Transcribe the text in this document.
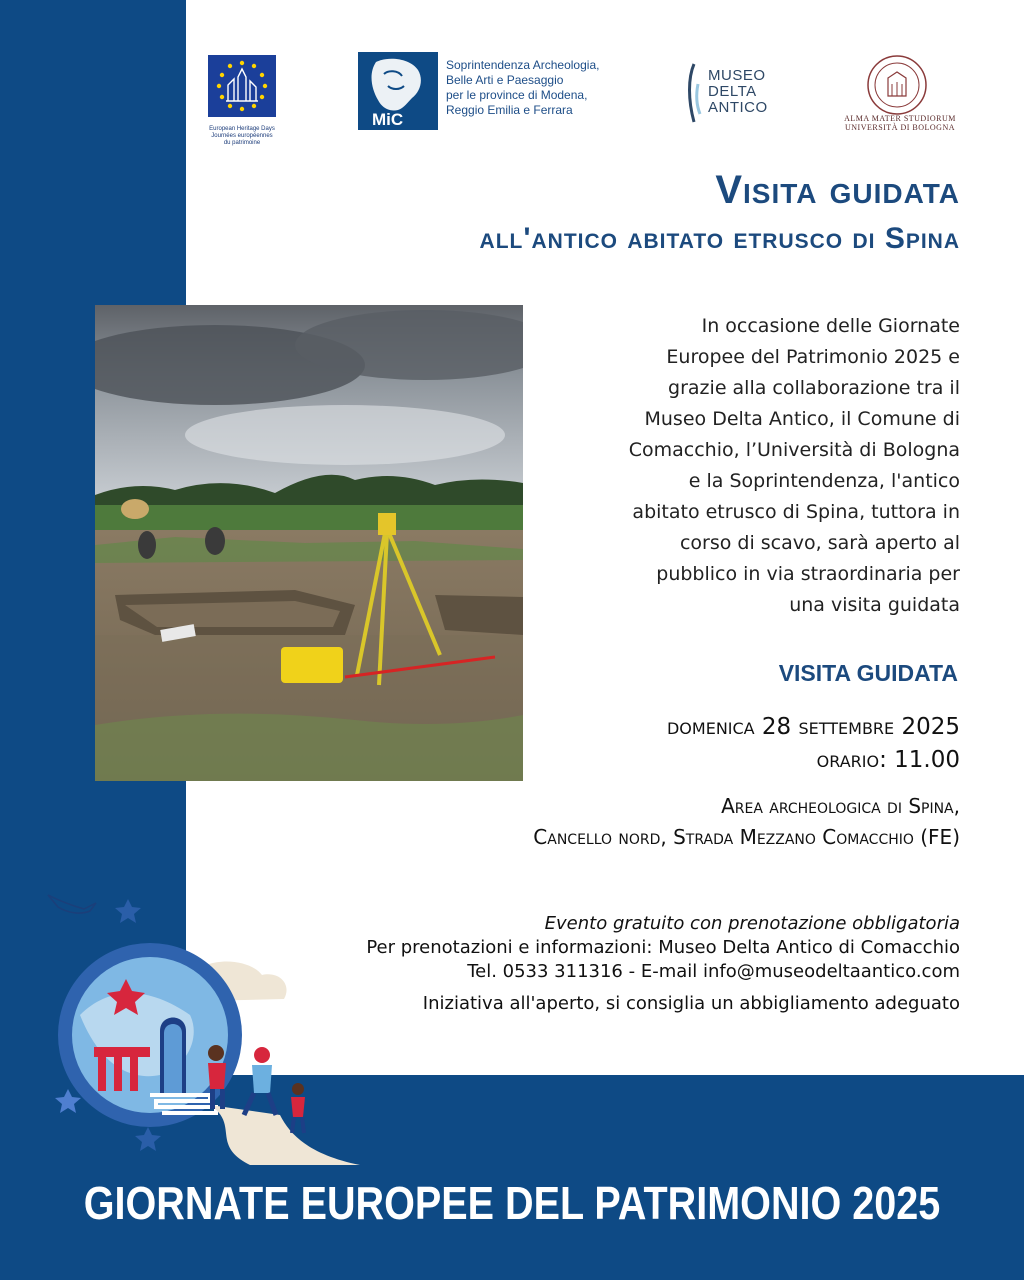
European Heritage Days
Journées européennes
du patrimoine
MiC
Soprintendenza Archeologia,
Belle Arti e Paesaggio
per le province di Modena,
Reggio Emilia e Ferrara
MUSEO
DELTA
ANTICO
ALMA MATER STUDIORUM
UNIVERSITÀ DI BOLOGNA
Visita guidata
all'antico abitato etrusco di Spina
In occasione delle Giornate
Europee del Patrimonio 2025 e
grazie alla collaborazione tra il
Museo Delta Antico, il Comune di
Comacchio, l’Università di Bologna
e la Soprintendenza, l'antico
abitato etrusco di Spina, tuttora in
corso di scavo, sarà aperto al
pubblico in via straordinaria per
una visita guidata
VISITA GUIDATA
domenica 28 settembre 2025
orario: 11.00
Area archeologica di Spina,
Cancello nord, Strada Mezzano Comacchio (FE)
Evento gratuito con prenotazione obbligatoria
Per prenotazioni e informazioni: Museo Delta Antico di Comacchio
Tel. 0533 311316 - E-mail info@museodeltaantico.com
Iniziativa all'aperto, si consiglia un abbigliamento adeguato
GIORNATE EUROPEE DEL PATRIMONIO 2025
